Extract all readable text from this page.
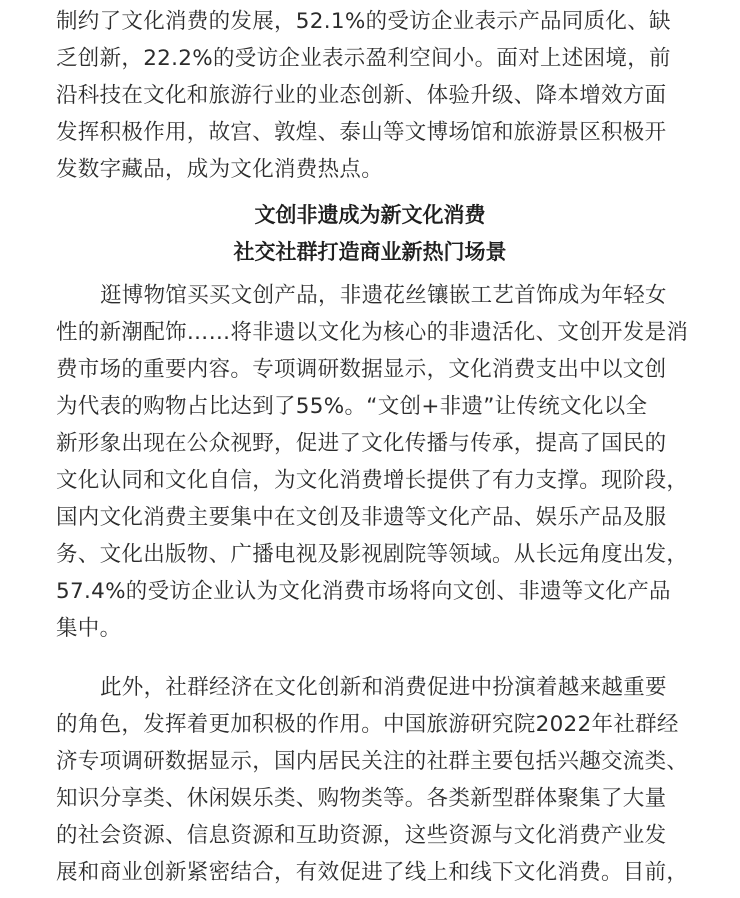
制约了文化消费的发展，52.1%的受访企业表示产品同质化、缺
乏创新，22.2%的受访企业表示盈利空间小。面对上述困境，前
沿科技在文化和旅游行业的业态创新、体验升级、降本增效方面
发挥积极作用，故宫、敦煌、泰山等文博场馆和旅游景区积极开
发数字藏品，成为文化消费热点。
文创非遗成为新文化消费
社交社群打造商业新热门场景
逛博物馆买买文创产品，非遗花丝镶嵌工艺首饰成为年轻女
性的新潮配饰……将非遗以文化为核心的非遗活化、文创开发是消
费市场的重要内容。专项调研数据显示，文化消费支出中以文创
为代表的购物占比达到了55%。“文创+非遗”让传统文化以全
新形象出现在公众视野，促进了文化传播与传承，提高了国民的
文化认同和文化自信，为文化消费增长提供了有力支撑。现阶段，
国内文化消费主要集中在文创及非遗等文化产品、娱乐产品及服
务、文化出版物、广播电视及影视剧院等领域。从长远角度出发，
57.4%的受访企业认为文化消费市场将向文创、非遗等文化产品
集中。
此外，社群经济在文化创新和消费促进中扮演着越来越重要
的角色，发挥着更加积极的作用。中国旅游研究院2022年社群经
济专项调研数据显示，国内居民关注的社群主要包括兴趣交流类、
知识分享类、休闲娱乐类、购物类等。各类新型群体聚集了大量
的社会资源、信息资源和互助资源，这些资源与文化消费产业发
展和商业创新紧密结合，有效促进了线上和线下文化消费。目前，
